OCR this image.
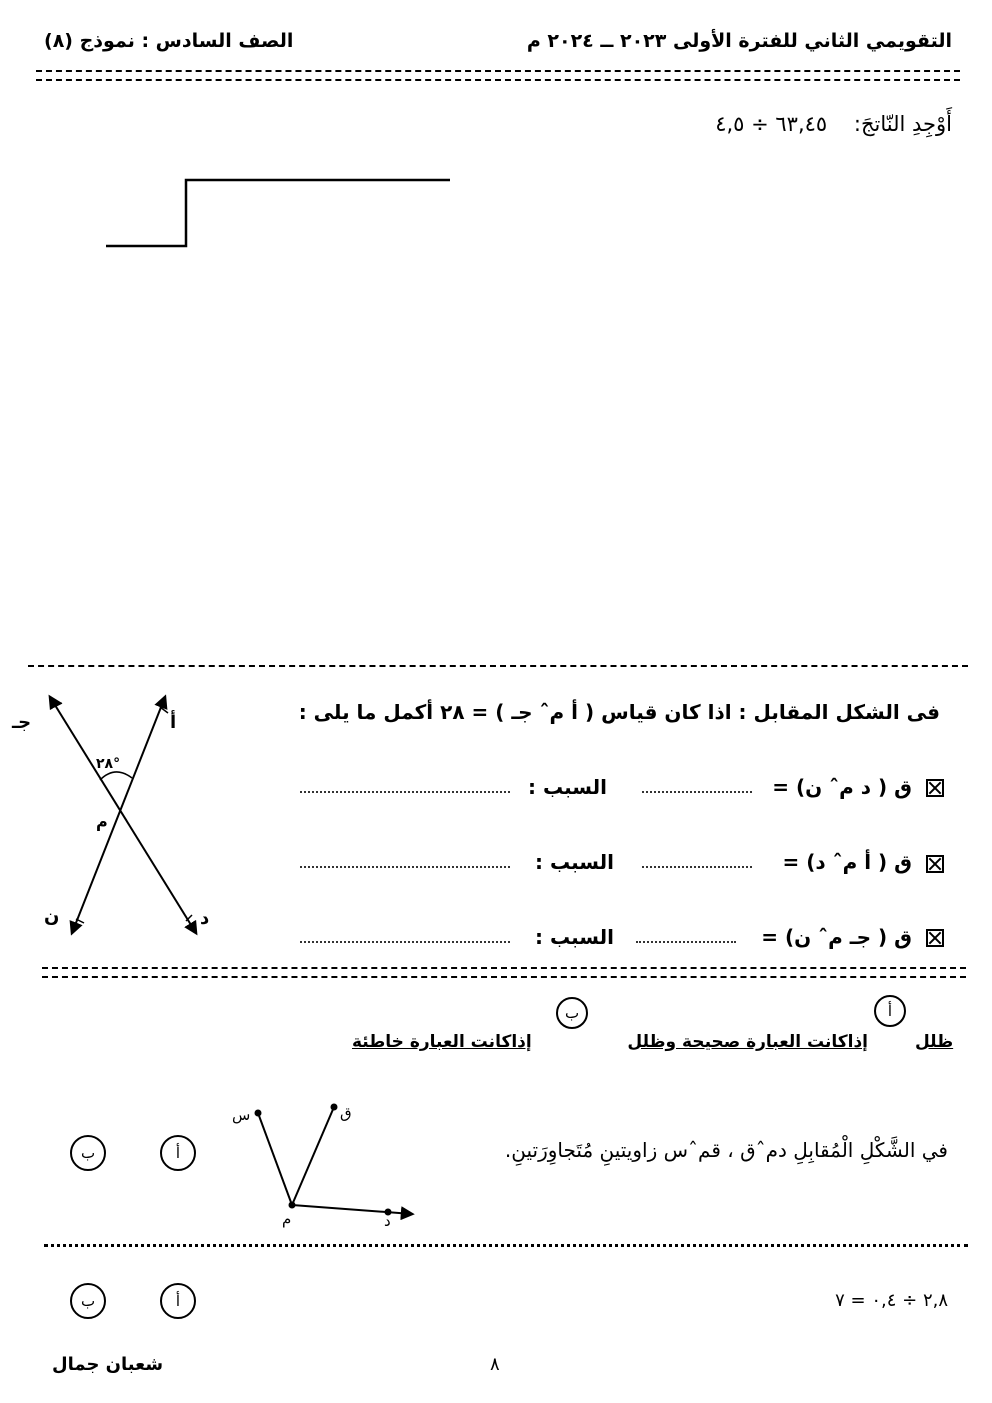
التقويمي الثاني للفترة الأولى ٢٠٢٣ ــ ٢٠٢٤ م
الصف السادس : نموذج (٨)
أَوْجِدِ النّاتجَ:    ٦٣,٤٥ ÷ ٤,٥
فى الشكل المقابل : اذا كان قياس ( أ مˆ جـ ) = ٢٨ أكمل ما يلى :
أ
جـ
٢٨°
م
ن	د
ق ( د مˆ ن) =
السبب :
ق ( أ مˆ د) =
السبب :
ق ( جـ مˆ ن) =
السبب :
أ
ب
ظلل
إذاكانت العبارة صحيحة وظلل
إذاكانت العبارة خاطئة
ب	أ
س	ق
م	د
في الشَّكْلِ الْمُقابِلِ دمˆق ، قمˆس زاويتينِ مُتَجاوِرَتينِ.
ب	أ	٢,٨ ÷ ٠,٤ = ٧
٨
شعبان جمال
